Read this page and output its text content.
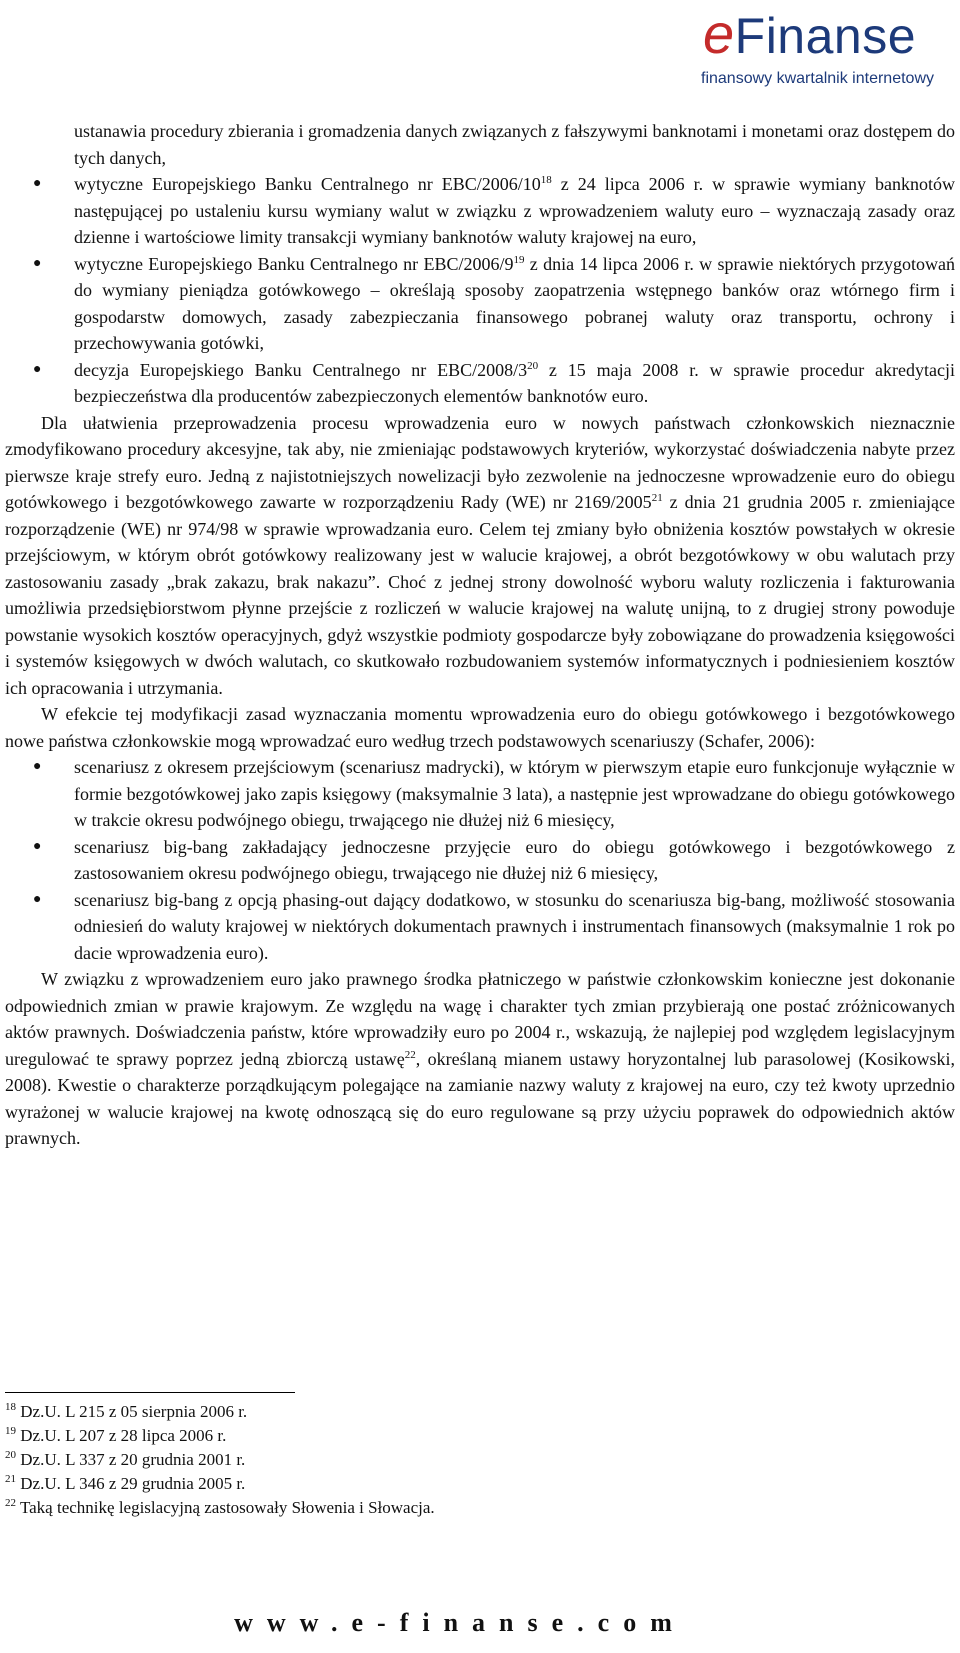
eFinanse
finansowy kwartalnik internetowy

ustanawia procedury zbierania i gromadzenia danych związanych z fałszywymi banknotami i monetami oraz dostępem do tych danych,

● wytyczne Europejskiego Banku Centralnego nr EBC/$2006/10^{18}$ z 24 lipca 2006 r. w sprawie wymiany banknotów następującej po ustaleniu kursu wymiany walut w związku z wprowadzeniem waluty euro – wyznaczają zasady oraz dzienne i wartościowe limity transakcji wymiany banknotów waluty krajowej na euro,

● wytyczne Europejskiego Banku Centralnego nr EBC/$2006/9^{19}$ z dnia 14 lipca 2006 r. w sprawie niektórych przygotowań do wymiany pieniądza gotówkowego – określają sposoby zaopatrzenia wstępnego banków oraz wtórnego firm i gospodarstw domowych, zasady zabezpieczania finansowego pobranej waluty oraz transportu, ochrony i przechowywania gotówki,

● decyzja Europejskiego Banku Centralnego nr EBC/$2008/3^{20}$ z 15 maja 2008 r. w sprawie procedur akredytacji bezpieczeństwa dla producentów zabezpieczonych elementów banknotów euro.

Dla ułatwienia przeprowadzenia procesu wprowadzenia euro w nowych państwach członkowskich nieznacznie zmodyfikowano procedury akcesyjne, tak aby, nie zmieniając podstawowych kryteriów, wykorzystać doświadczenia nabyte przez pierwsze kraje strefy euro. Jedną z najistotniejszych nowelizacji było zezwolenie na jednoczesne wprowadzenie euro do obiegu gotówkowego i bezgotówkowego zawarte w rozporządzeniu Rady (WE) nr 2169/2005$^{21}$ z dnia 21 grudnia 2005 r. zmieniające rozporządzenie (WE) nr 974/98 w sprawie wprowadzania euro. Celem tej zmiany było obniżenia kosztów powstałych w okresie przejściowym, w którym obrót gotówkowy realizowany jest w walucie krajowej, a obrót bezgotówkowy w obu walutach przy zastosowaniu zasady „brak zakazu, brak nakazu”. Choć z jednej strony dowolność wyboru waluty rozliczenia i fakturowania umożliwia przedsiębiorstwom płynne przejście z rozliczeń w walucie krajowej na walutę unijną, to z drugiej strony powoduje powstanie wysokich kosztów operacyjnych, gdyż wszystkie podmioty gospodarcze były zobowiązane do prowadzenia księgowości i systemów księgowych w dwóch walutach, co skutkowało rozbudowaniem systemów informatycznych i podniesieniem kosztów ich opracowania i utrzymania.

W efekcie tej modyfikacji zasad wyznaczania momentu wprowadzenia euro do obiegu gotówkowego i bezgotówkowego nowe państwa członkowskie mogą wprowadzać euro według trzech podstawowych scenariuszy (Schafer, 2006):

● scenariusz z okresem przejściowym (scenariusz madrycki), w którym w pierwszym etapie euro funkcjonuje wyłącznie w formie bezgotówkowej jako zapis księgowy (maksymalnie 3 lata), a następnie jest wprowadzane do obiegu gotówkowego w trakcie okresu podwójnego obiegu, trwającego nie dłużej niż 6 miesięcy,

● scenariusz big-bang zakładający jednoczesne przyjęcie euro do obiegu gotówkowego i bezgotówkowego z zastosowaniem okresu podwójnego obiegu, trwającego nie dłużej niż 6 miesięcy,

● scenariusz big-bang z opcją phasing-out dający dodatkowo, w stosunku do scenariusza big-bang, możliwość stosowania odniesień do waluty krajowej w niektórych dokumentach prawnych i instrumentach finansowych (maksymalnie 1 rok po dacie wprowadzenia euro).

W związku z wprowadzeniem euro jako prawnego środka płatniczego w państwie członkowskim konieczne jest dokonanie odpowiednich zmian w prawie krajowym. Ze względu na wagę i charakter tych zmian przybierają one postać zróżnicowanych aktów prawnych. Doświadczenia państw, które wprowadziły euro po 2004 r., wskazują, że najlepiej pod względem legislacyjnym uregulować te sprawy poprzez jedną zbiorczą ustawę$^{22}$, określaną mianem ustawy horyzontalnej lub parasolowej (Kosikowski, 2008). Kwestie o charakterze porządkującym polegające na zamianie nazwy waluty z krajowej na euro, czy też kwoty uprzednio wyrażonej w walucie krajowej na kwotę odnoszącą się do euro regulowane są przy użyciu poprawek do odpowiednich aktów prawnych.

$^{18}$ Dz.U. L 215 z 05 sierpnia 2006 r.

$^{19}$ Dz.U. L 207 z 28 lipca 2006 r.

$^{20}$ Dz.U. L 337 z 20 grudnia 2001 r.

$^{21}$ Dz.U. L 346 z 29 grudnia 2005 r.

$^{22}$ Taką technikę legislacyjną zastosowały Słowenia i Słowacja.

www.e-finanse.com
